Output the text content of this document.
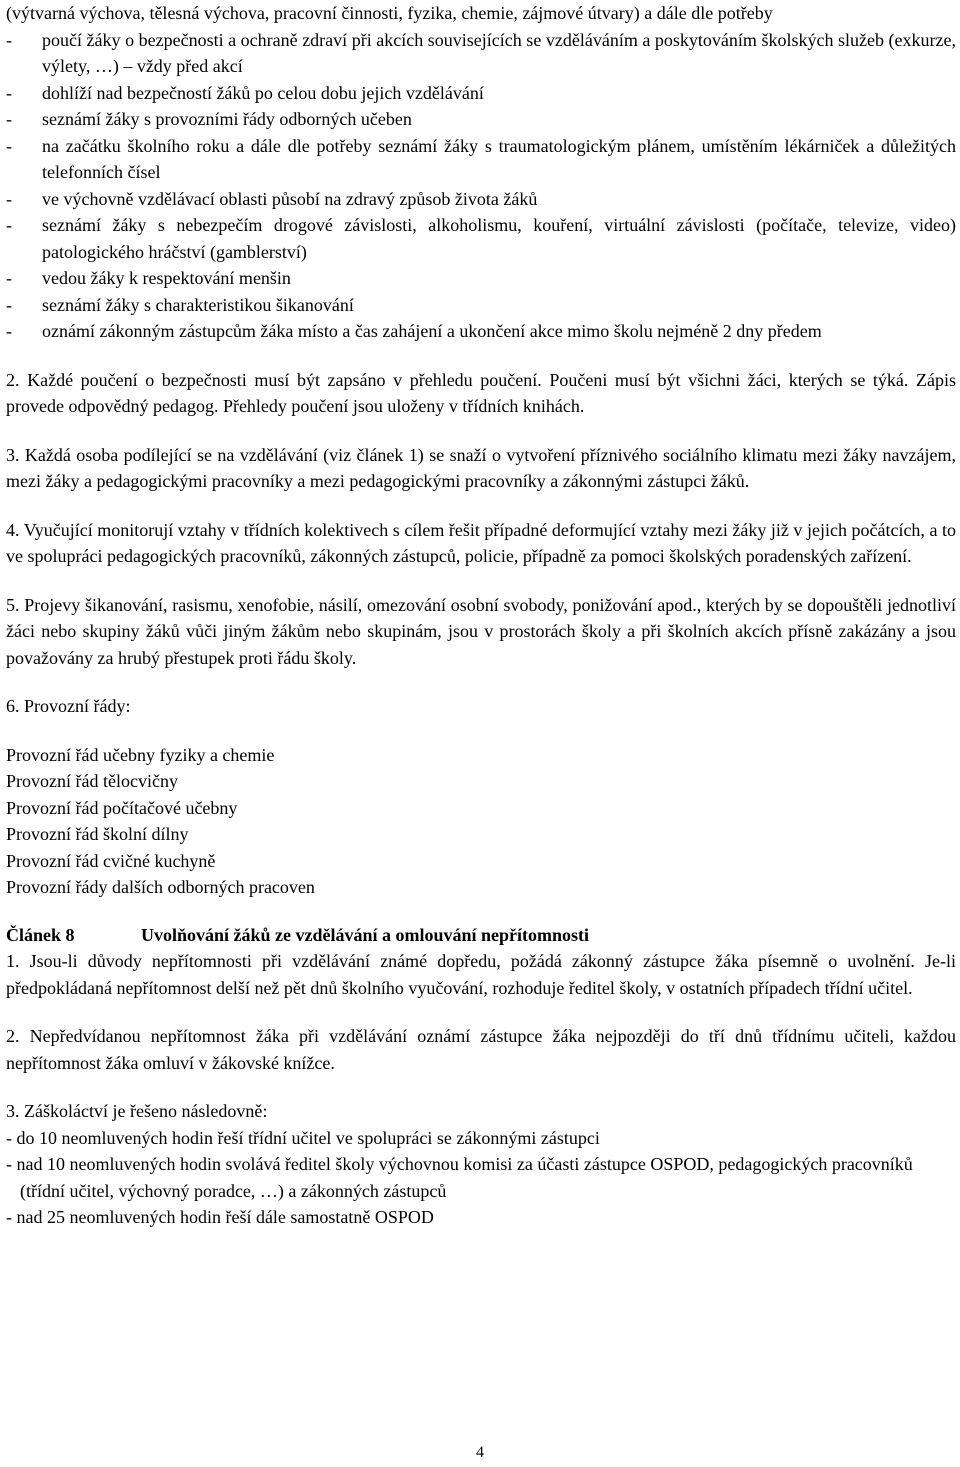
(výtvarná výchova, tělesná výchova, pracovní činnosti, fyzika, chemie, zájmové útvary) a dále dle potřeby
- poučí žáky o bezpečnosti a ochraně zdraví při akcích souvisejících se vzděláváním a poskytováním školských služeb (exkurze, výlety, …) – vždy před akcí
- dohlíží nad bezpečností žáků po celou dobu jejich vzdělávání
- seznámí žáky s provozními řády odborných učeben
- na začátku školního roku a dále dle potřeby seznámí žáky s traumatologickým plánem, umístěním lékárniček a důležitých telefonních čísel
- ve výchovně vzdělávací oblasti působí na zdravý způsob života žáků
- seznámí žáky s nebezpečím drogové závislosti, alkoholismu, kouření, virtuální závislosti (počítače, televize, video) patologického hráčství (gamblerství)
- vedou žáky k respektování menšin
- seznámí žáky s charakteristikou šikanování
- oznámí zákonným zástupcům žáka místo a čas zahájení a ukončení akce mimo školu nejméně 2 dny předem

2. Každé poučení o bezpečnosti musí být zapsáno v přehledu poučení. Poučeni musí být všichni žáci, kterých se týká. Zápis provede odpovědný pedagog. Přehledy poučení jsou uloženy v třídních knihách.

3. Každá osoba podílející se na vzdělávání (viz článek 1) se snaží o vytvoření příznivého sociálního klimatu mezi žáky navzájem, mezi žáky a pedagogickými pracovníky a mezi pedagogickými pracovníky a zákonnými zástupci žáků.

4. Vyučující monitorují vztahy v třídních kolektivech s cílem řešit případné deformující vztahy mezi žáky již v jejich počátcích, a to ve spolupráci pedagogických pracovníků, zákonných zástupců, policie, případně za pomoci školských poradenských zařízení.

5. Projevy šikanování, rasismu, xenofobie, násilí, omezování osobní svobody, ponižování apod., kterých by se dopouštěli jednotliví žáci nebo skupiny žáků vůči jiným žákům nebo skupinám, jsou v prostorách školy a při školních akcích přísně zakázány a jsou považovány za hrubý přestupek proti řádu školy.

6. Provozní řády:

Provozní řád učebny fyziky a chemie
Provozní řád tělocvičny
Provozní řád počítačové učebny
Provozní řád školní dílny
Provozní řád cvičné kuchyně
Provozní řády dalších odborných pracoven
Článek 8	Uvolňování žáků ze vzdělávání a omlouvání nepřítomnosti

1. Jsou-li důvody nepřítomnosti při vzdělávání známé dopředu, požádá zákonný zástupce žáka písemně o uvolnění. Je-li předpokládaná nepřítomnost delší než pět dnů školního vyučování, rozhoduje ředitel školy, v ostatních případech třídní učitel.

2. Nepředvídanou nepřítomnost žáka při vzdělávání oznámí zástupce žáka nejpozději do tří dnů třídnímu učiteli, každou nepřítomnost žáka omluví v žákovské knížce.

3. Záškoláctví je řešeno následovně:

- do 10 neomluvených hodin řeší třídní učitel ve spolupráci se zákonnými zástupci
- nad 10 neomluvených hodin svolává ředitel školy výchovnou komisi za účasti zástupce OSPOD, pedagogických pracovníků (třídní učitel, výchovný poradce, …) a zákonných zástupců
- nad 25 neomluvených hodin řeší dále samostatně OSPOD
4
